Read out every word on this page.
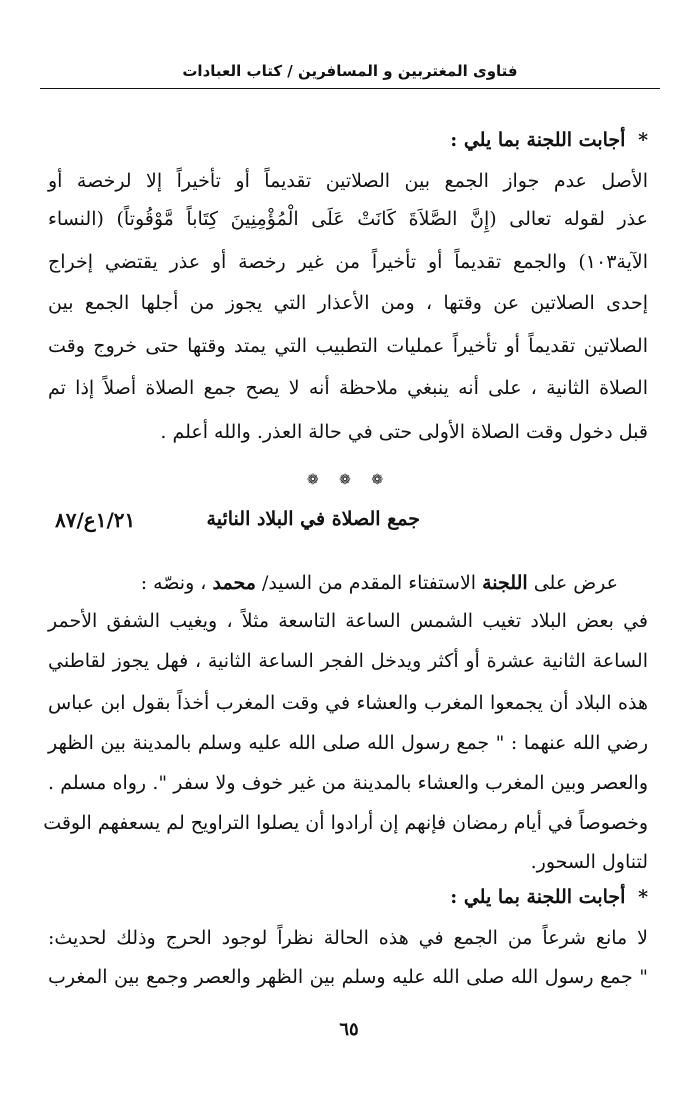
فتاوى المغتربين و المسافرين / كتاب العبادات
* أجابت اللجنة بما يلي :
الأصل عدم جواز الجمع بين الصلاتين تقديماً أو تأخيراً إلا لرخصة أو
عذر لقوله تعالى (إِنَّ الصَّلاَةَ كَانَتْ عَلَى الْمُؤْمِنِينَ كِتَاباً مَّوْقُوتاً) (النساء
الآية١٠٣) والجمع تقديماً أو تأخيراً من غير رخصة أو عذر يقتضي إخراج
إحدى الصلاتين عن وقتها ، ومن الأعذار التي يجوز من أجلها الجمع بين
الصلاتين تقديماً أو تأخيراً عمليات التطبيب التي يمتد وقتها حتى خروج وقت
الصلاة الثانية ، على أنه ينبغي ملاحظة أنه لا يصح جمع الصلاة أصلاً إذا تم
قبل دخول وقت الصلاة الأولى حتى في حالة العذر. والله أعلم .
❁ ❁ ❁
١/٢١ع/٨٧	جمع الصلاة في البلاد النائية
عرض على اللجنة الاستفتاء المقدم من السيد/ محمد ، ونصّه :
في بعض البلاد تغيب الشمس الساعة التاسعة مثلاً ، ويغيب الشفق الأحمر
الساعة الثانية عشرة أو أكثر ويدخل الفجر الساعة الثانية ، فهل يجوز لقاطني
هذه البلاد أن يجمعوا المغرب والعشاء في وقت المغرب أخذاً بقول ابن عباس
رضي الله عنهما : " جمع رسول الله صلى الله عليه وسلم بالمدينة بين الظهر
والعصر وبين المغرب والعشاء بالمدينة من غير خوف ولا سفر ". رواه مسلم .
وخصوصاً في أيام رمضان فإنهم إن أرادوا أن يصلوا التراويح لم يسعفهم الوقت
لتناول السحور.
* أجابت اللجنة بما يلي :
لا مانع شرعاً من الجمع في هذه الحالة نظراً لوجود الحرج وذلك لحديث:
" جمع رسول الله صلى الله عليه وسلم بين الظهر والعصر وجمع بين المغرب
٦٥
